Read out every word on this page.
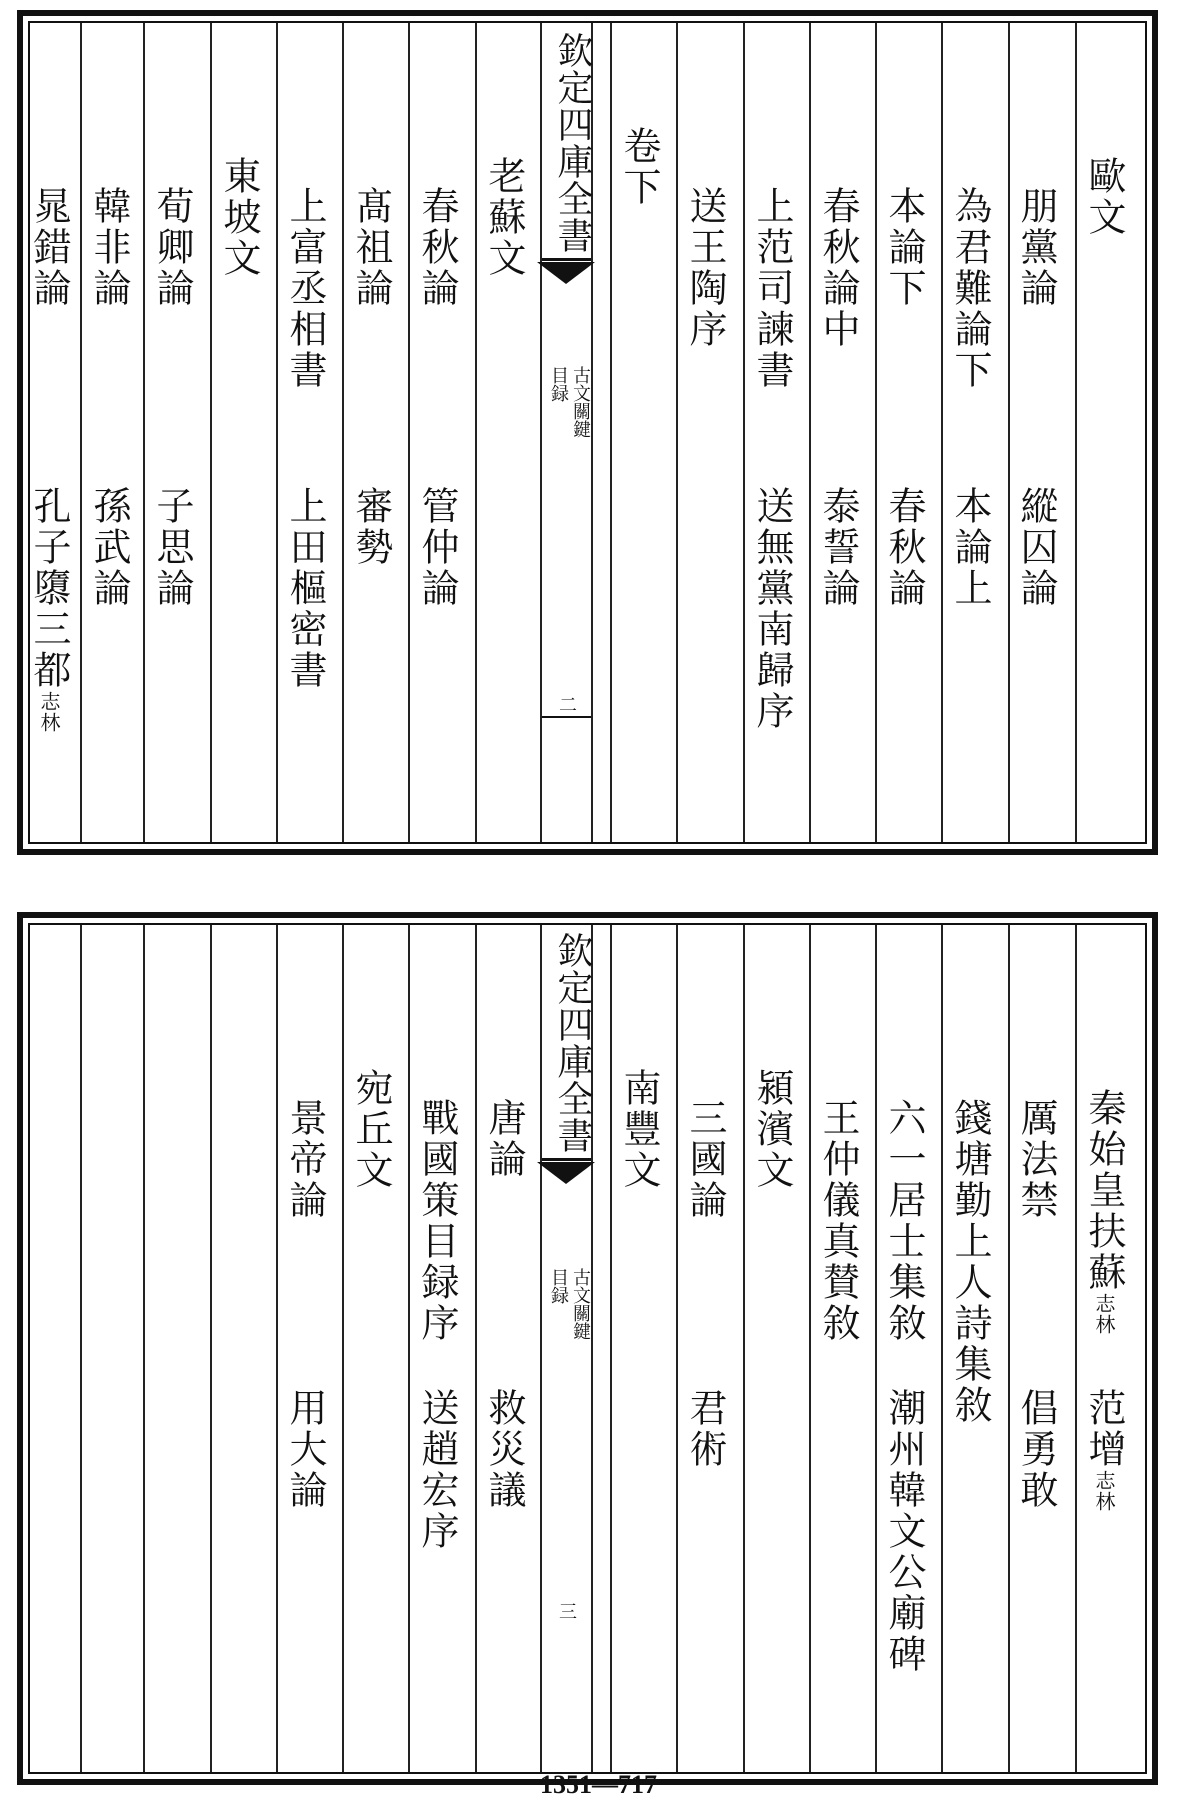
欽定四庫全書
古文關鍵
目録
二
歐文
朋黨論
縱囚論
為君難論下
本論上
本論下
春秋論
春秋論中
泰誓論
上范司諫書
送無黨南歸序
送王陶序
卷下
老蘇文
春秋論
管仲論
髙祖論
審勢
上富丞相書
上田樞密書
東坡文
荀卿論
子思論
韓非論
孫武論
晁錯論
孔子隳三都志林
欽定四庫全書
古文關鍵
目録
三
秦始皇扶蘇志林
范增志林
厲法禁
倡勇敢
錢塘勤上人詩集敘
六一居士集敘
潮州韓文公廟碑
王仲儀真賛敘
潁濱文
三國論
君術
南豐文
唐論
救災議
戰國策目録序
送趙宏序
宛丘文
景帝論
用大論
1351—717
